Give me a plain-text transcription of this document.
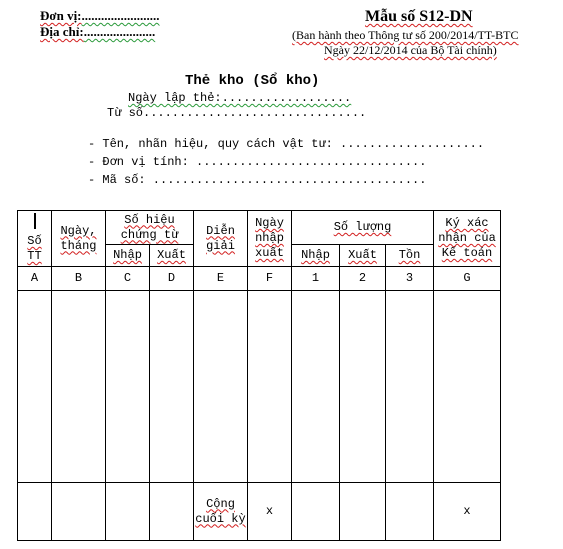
Đơn vị:........................
Địa chỉ:......................
Mẫu số S12-DN
(Ban hành theo Thông tư số 200/2014/TT-BTC
Ngày 22/12/2014 của Bộ Tài chính)
Thẻ kho (Sổ kho)
Ngày lập thẻ:..................
Từ số...............................
- Tên, nhãn hiệu, quy cách vật tư: ....................
- Đơn vị tính: ................................
- Mã số: ......................................
Số TT	Ngày, tháng	Số hiệu chứng từ		Diễn giải	Ngày nhập xuất	Số lượng			Ký xác nhận của Kế toán

		Nhập	Xuất			Nhập	Xuất	Tồn	
A	B	C	D	E	F	1	2	3	G

				Cộng cuối kỳ	x				x
